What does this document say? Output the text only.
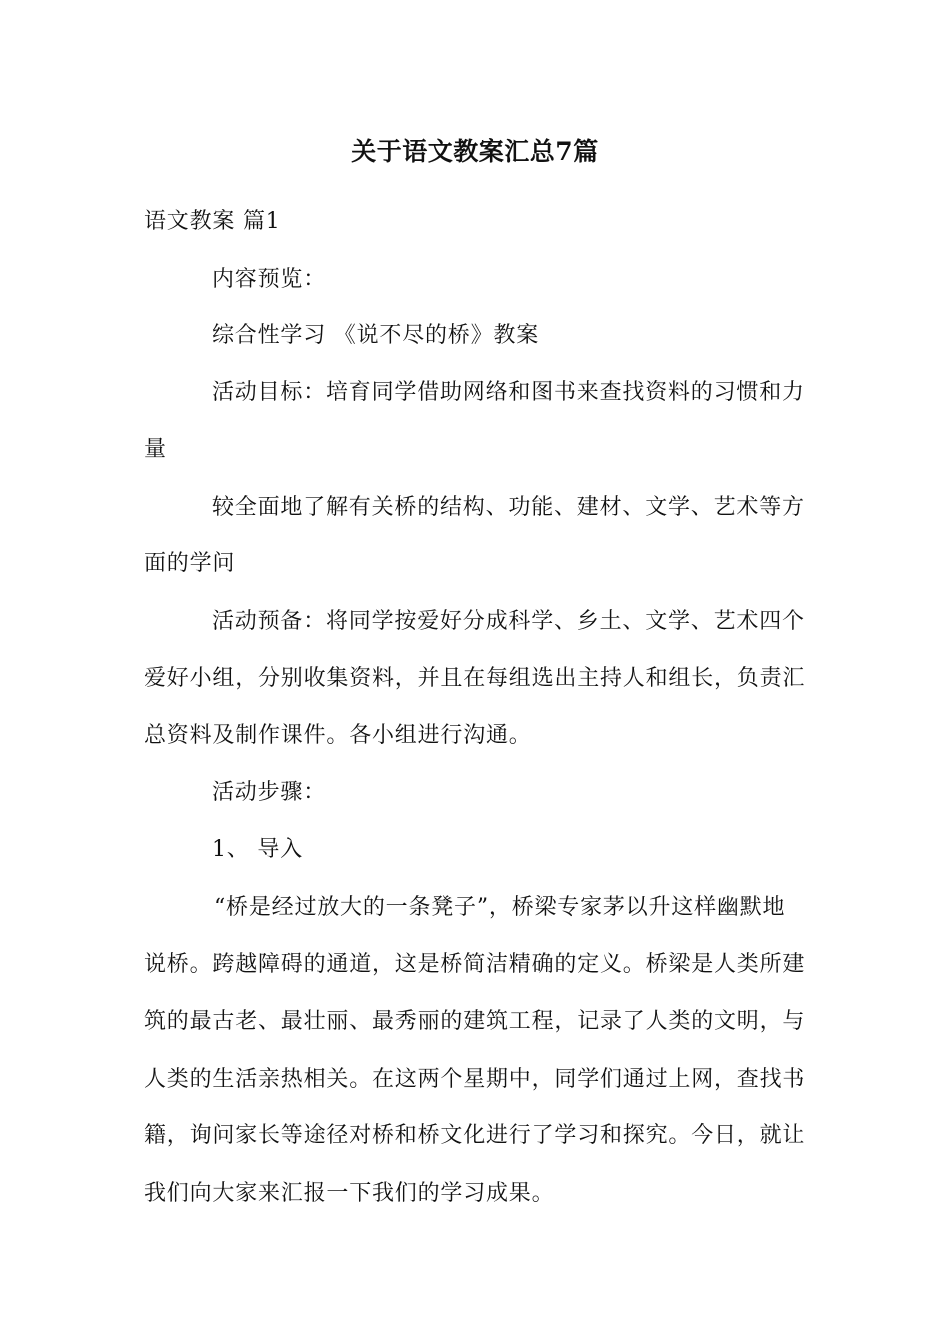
关于语文教案汇总7篇
语文教案 篇1
内容预览：
综合性学习 《说不尽的桥》教案
活动目标：培育同学借助网络和图书来查找资料的习惯和力
量
较全面地了解有关桥的结构、功能、建材、文学、艺术等方
面的学问
活动预备：将同学按爱好分成科学、乡土、文学、艺术四个
爱好小组，分别收集资料，并且在每组选出主持人和组长，负责汇
总资料及制作课件。各小组进行沟通。
活动步骤：
1、 导入
“桥是经过放大的一条凳子”，桥梁专家茅以升这样幽默地
说桥。跨越障碍的通道，这是桥简洁精确的定义。桥梁是人类所建
筑的最古老、最壮丽、最秀丽的建筑工程，记录了人类的文明，与
人类的生活亲热相关。在这两个星期中，同学们通过上网，查找书
籍，询问家长等途径对桥和桥文化进行了学习和探究。今日，就让
我们向大家来汇报一下我们的学习成果。
